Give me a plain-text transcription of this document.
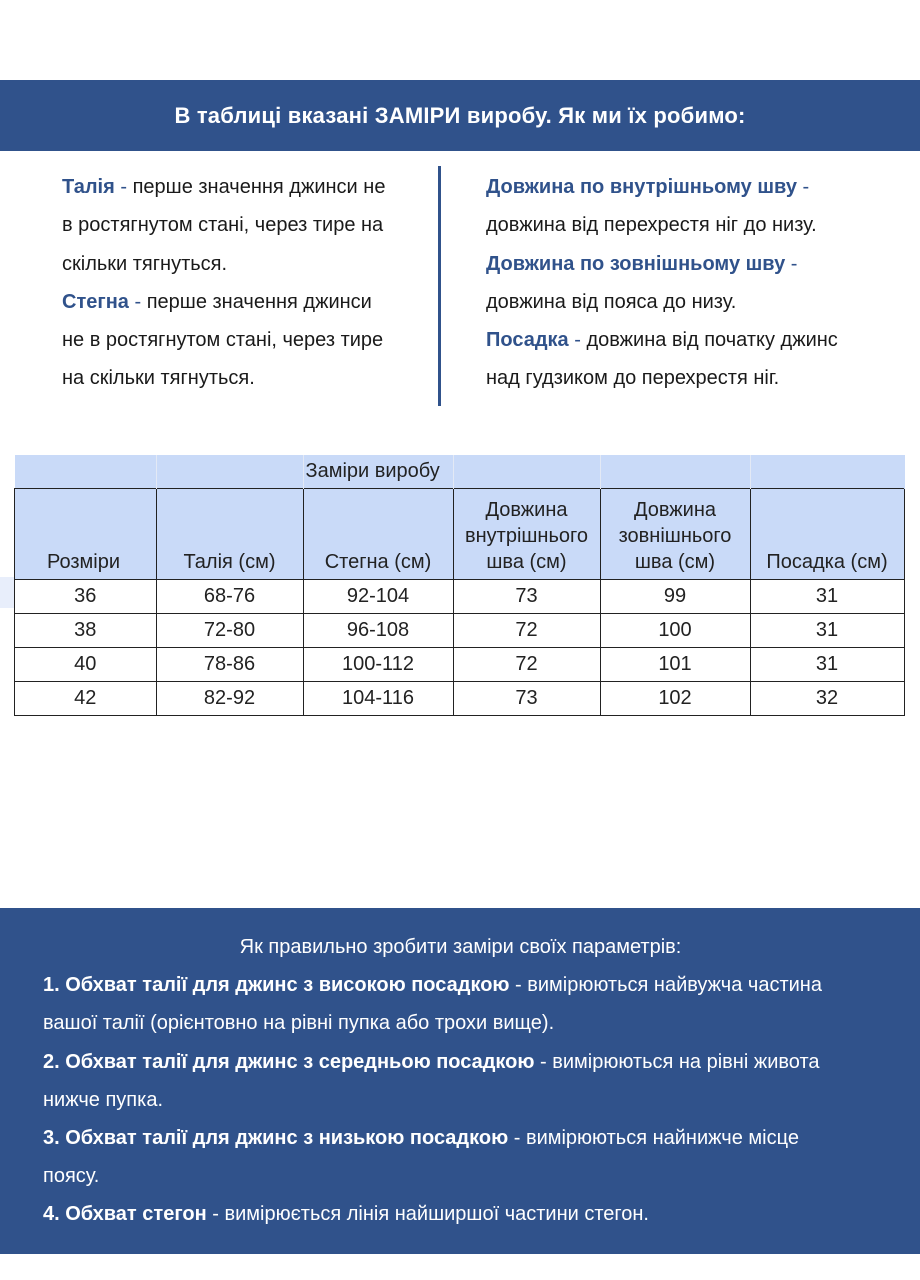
В таблиці вказані ЗАМІРИ виробу. Як ми їх робимо:
Талія - перше значення джинси не
в ростягнутом стані, через тире на
скільки тягнуться.
Стегна - перше значення джинси
не в ростягнутом стані, через тире
на скільки тягнуться.
Довжина по внутрішньому шву -
довжина від перехрестя ніг до низу.
Довжина по зовнішньому шву -
довжина від пояса до низу.
Посадка - довжина від початку джинс
над гудзиком до перехрестя ніг.
		Заміри виробу			
Розміри	Талія (см)	Стегна (см)	Довжина
внутрішнього
шва (см)	Довжина
зовнішнього
шва (см)	Посадка (см)
36	68-76	92-104	73	99	31
38	72-80	96-108	72	100	31
40	78-86	100-112	72	101	31
42	82-92	104-116	73	102	32
Як правильно зробити заміри своїх параметрів:
1. Обхват талії для джинс з високою посадкою - вимірюються найвужча частина
вашої талії (орієнтовно на рівні пупка або трохи вище).
2. Обхват талії для джинс з середньою посадкою - вимірюються на рівні живота
нижче пупка.
3. Обхват талії для джинс з низькою посадкою - вимірюються найнижче місце
поясу.
4. Обхват стегон - вимірюється лінія найширшої частини стегон.
